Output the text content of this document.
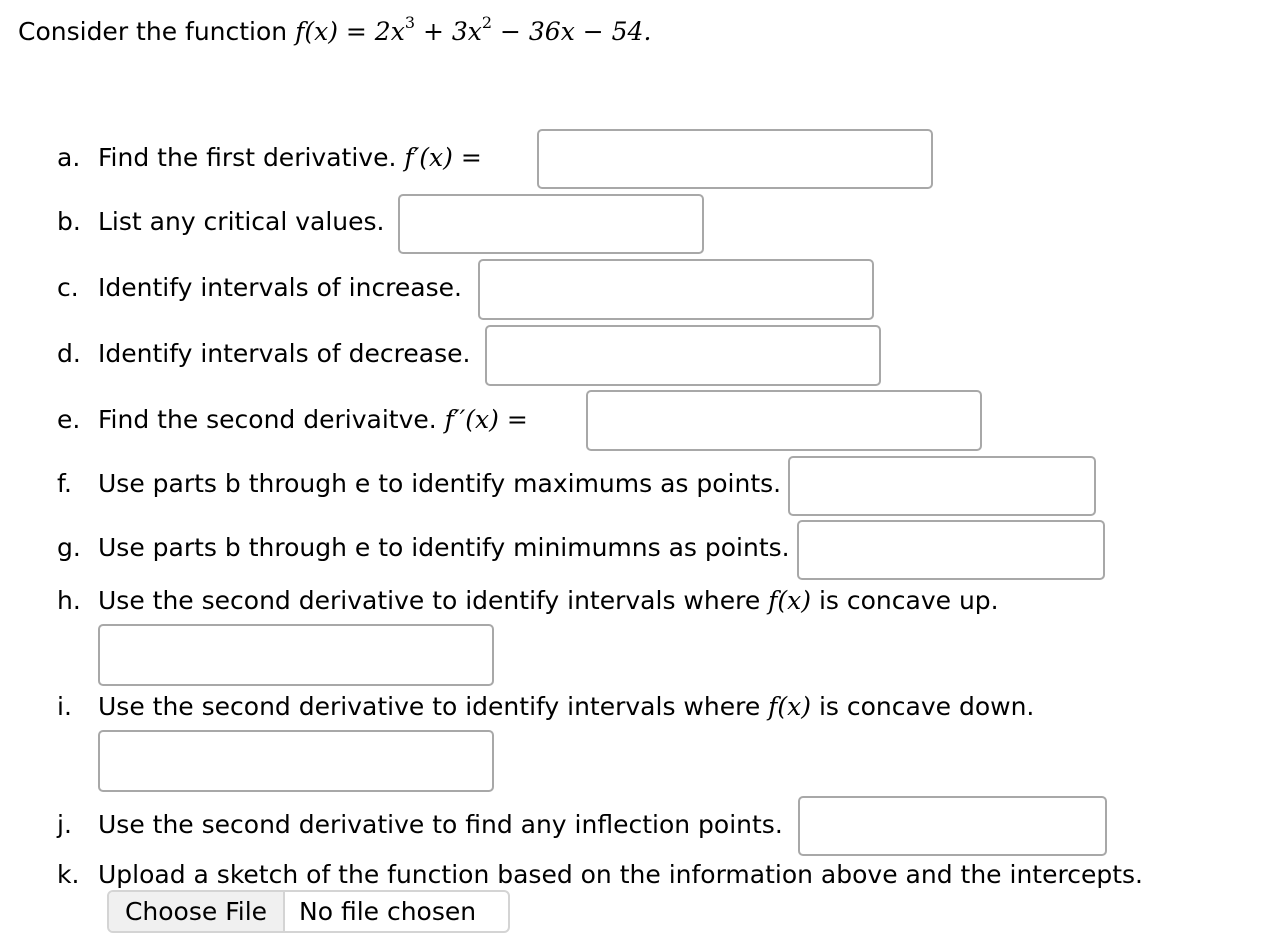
Consider the function $f(x) = 2x^3 + 3x^2 - 36x - 54$.
a. Find the first derivative. f′(x) =
b. List any critical values.
c. Identify intervals of increase.
d. Identify intervals of decrease.
e. Find the second derivaitve. f′′(x) =
f. Use parts b through e to identify maximums as points.
g. Use parts b through e to identify minimumns as points.
h. Use the second derivative to identify intervals where f(x) is concave up.
i. Use the second derivative to identify intervals where f(x) is concave down.
j. Use the second derivative to find any inflection points.
k. Upload a sketch of the function based on the information above and the intercepts.
Choose File	No file chosen
